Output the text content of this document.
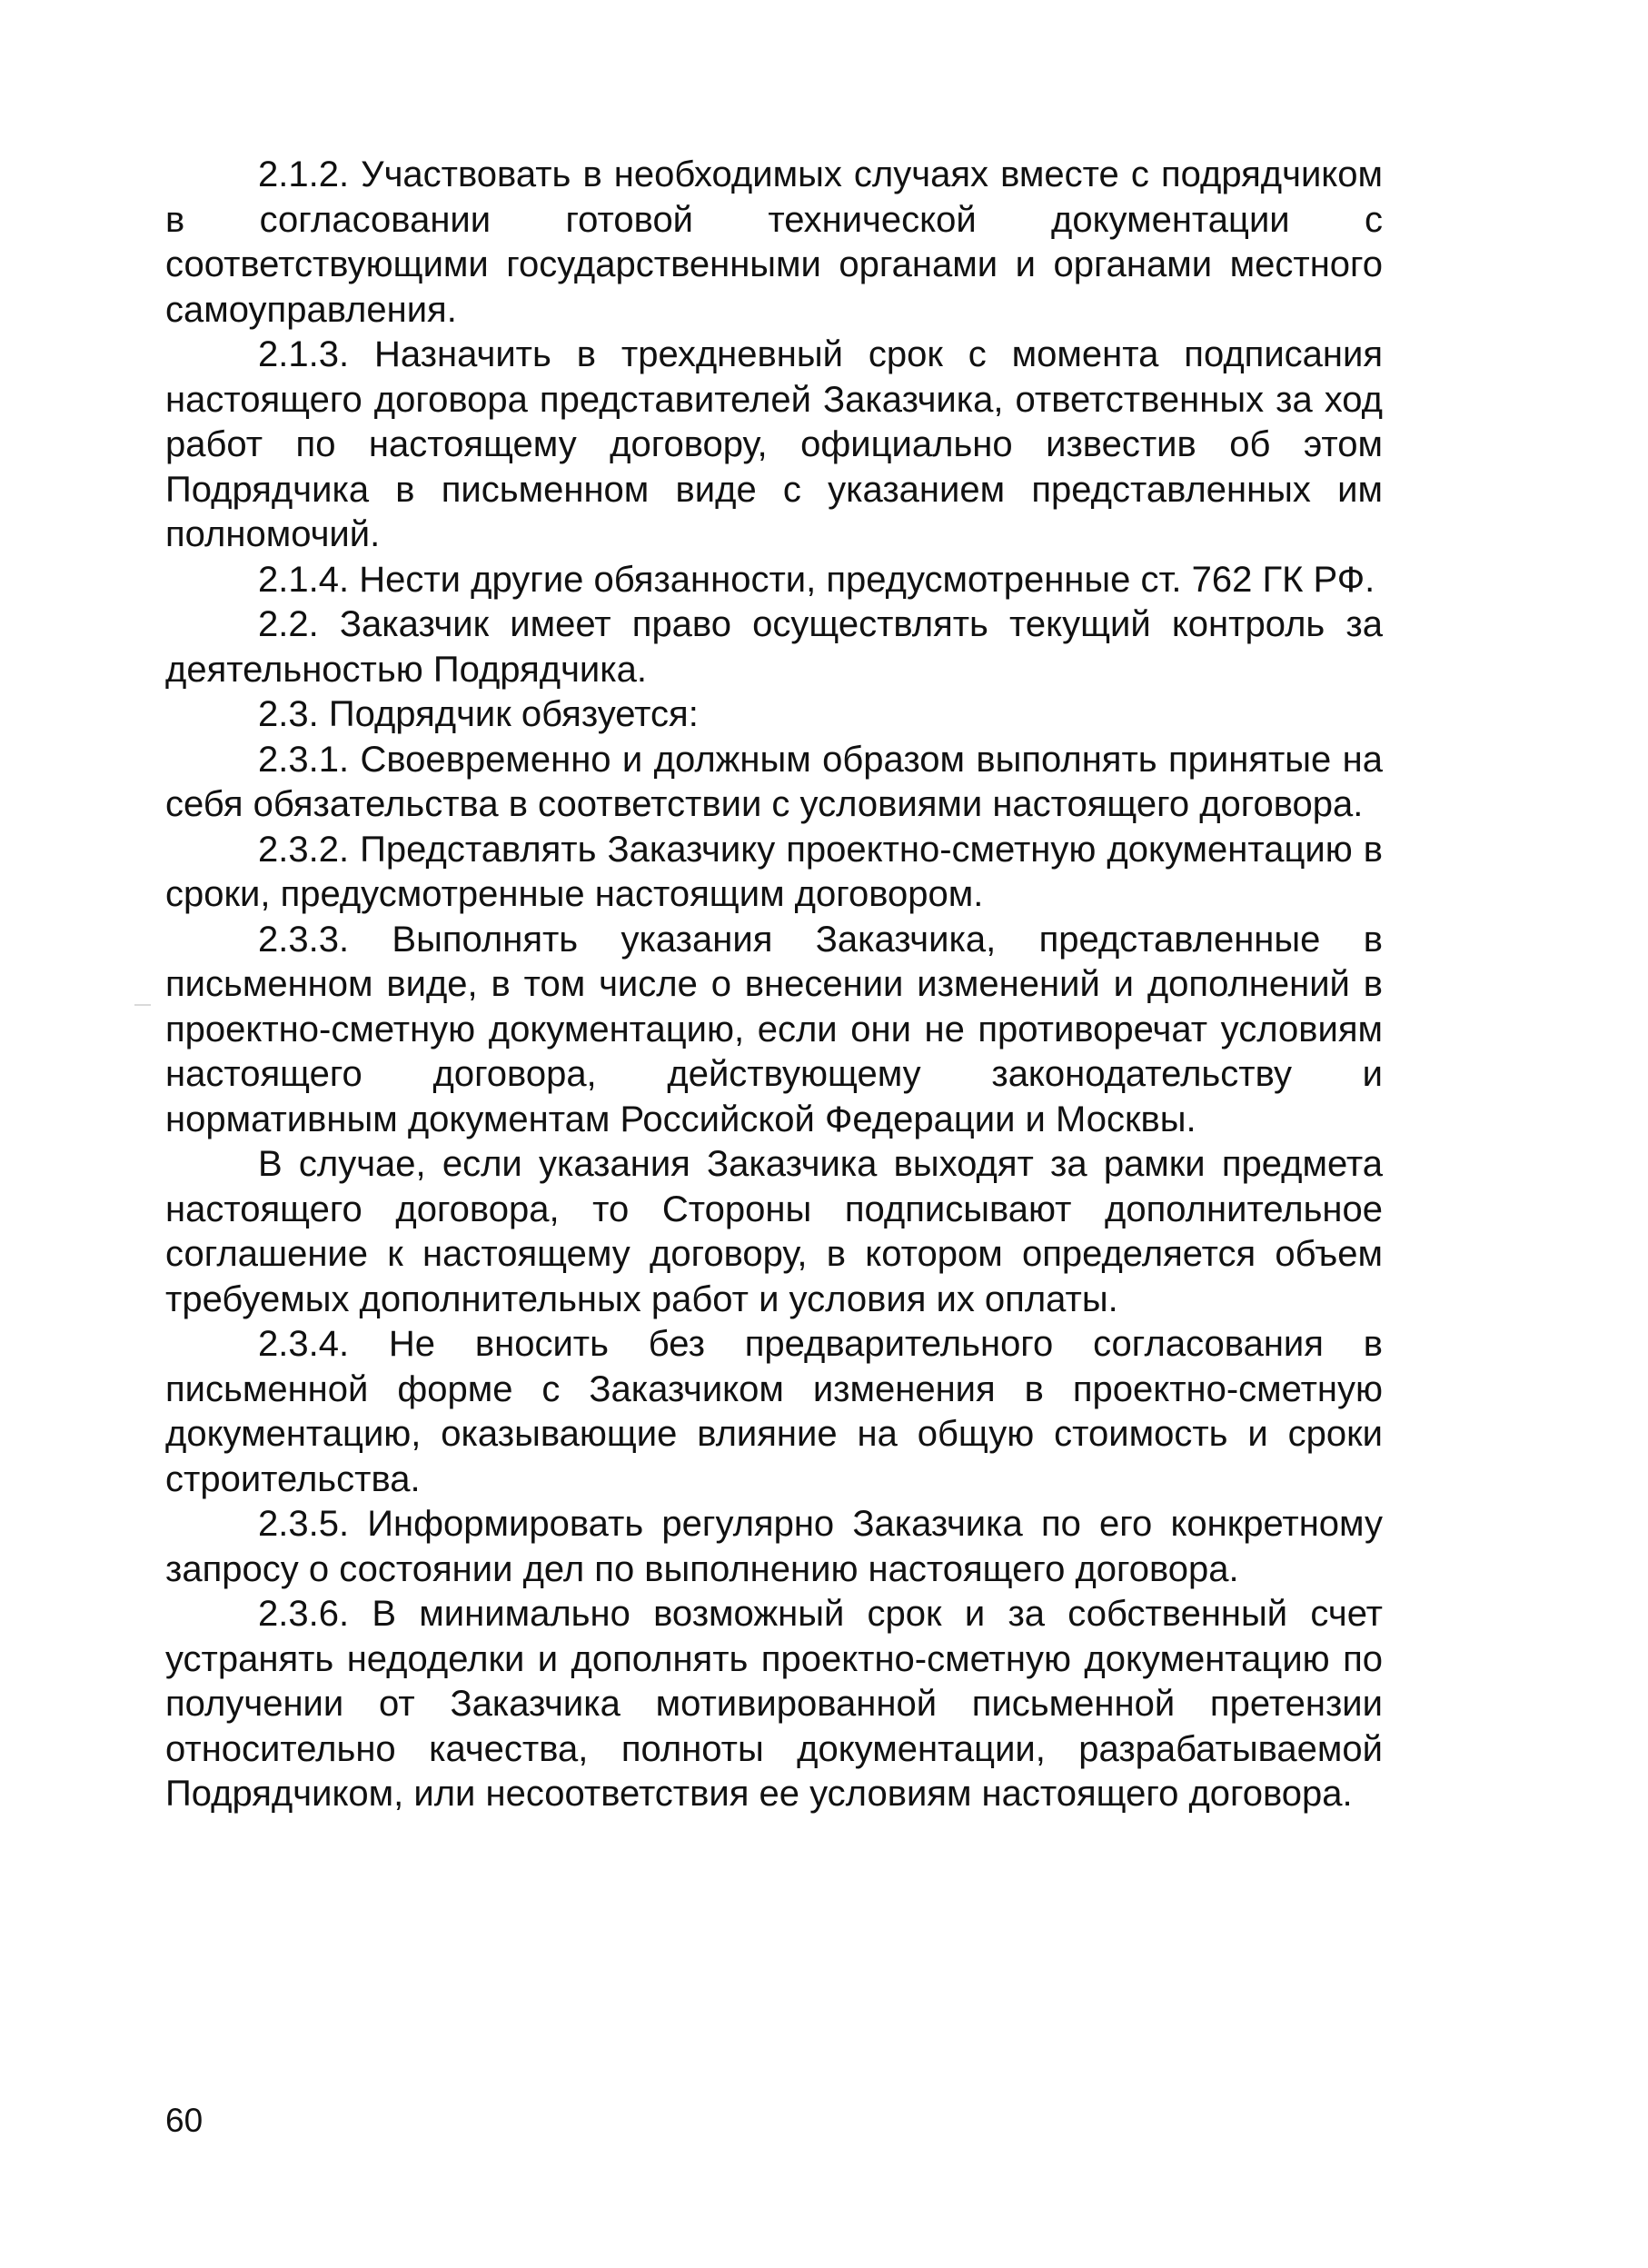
2.1.2. Участвовать в необходимых случаях вместе с подрядчиком в согласовании готовой технической документации с соответствующими государственными органами и органами местного самоуправления.

2.1.3. Назначить в трехдневный срок с момента подписания настоящего договора представителей Заказчика, ответственных за ход работ по настоящему договору, официально известив об этом Подрядчика в письменном виде с указанием представленных им полномочий.

2.1.4. Нести другие обязанности, предусмотренные ст. 762 ГК РФ.

2.2. Заказчик имеет право осуществлять текущий контроль за деятельностью Подрядчика.

2.3. Подрядчик обязуется:

2.3.1. Своевременно и должным образом выполнять принятые на себя обязательства в соответствии с условиями настоящего договора.

2.3.2. Представлять Заказчику проектно-сметную документацию в сроки, предусмотренные настоящим договором.

2.3.3. Выполнять указания Заказчика, представленные в письменном виде, в том числе о внесении изменений и дополнений в проектно-сметную документацию, если они не противоречат условиям настоящего договора, действующему законодательству и нормативным документам Российской Федерации и Москвы.

В случае, если указания Заказчика выходят за рамки предмета настоящего договора, то Стороны подписывают дополнительное соглашение к настоящему договору, в котором определяется объем требуемых дополнительных работ и условия их оплаты.

2.3.4. Не вносить без предварительного согласования в письменной форме с Заказчиком изменения в проектно-сметную документацию, оказывающие влияние на общую стоимость и сроки строительства.

2.3.5. Информировать регулярно Заказчика по его конкретному запросу о состоянии дел по выполнению настоящего договора.

2.3.6. В минимально возможный срок и за собственный счет устранять недоделки и дополнять проектно-сметную документацию по получении от Заказчика мотивированной письменной претензии относительно качества, полноты документации, разрабатываемой Подрядчиком, или несоответствия ее условиям настоящего договора.

60
